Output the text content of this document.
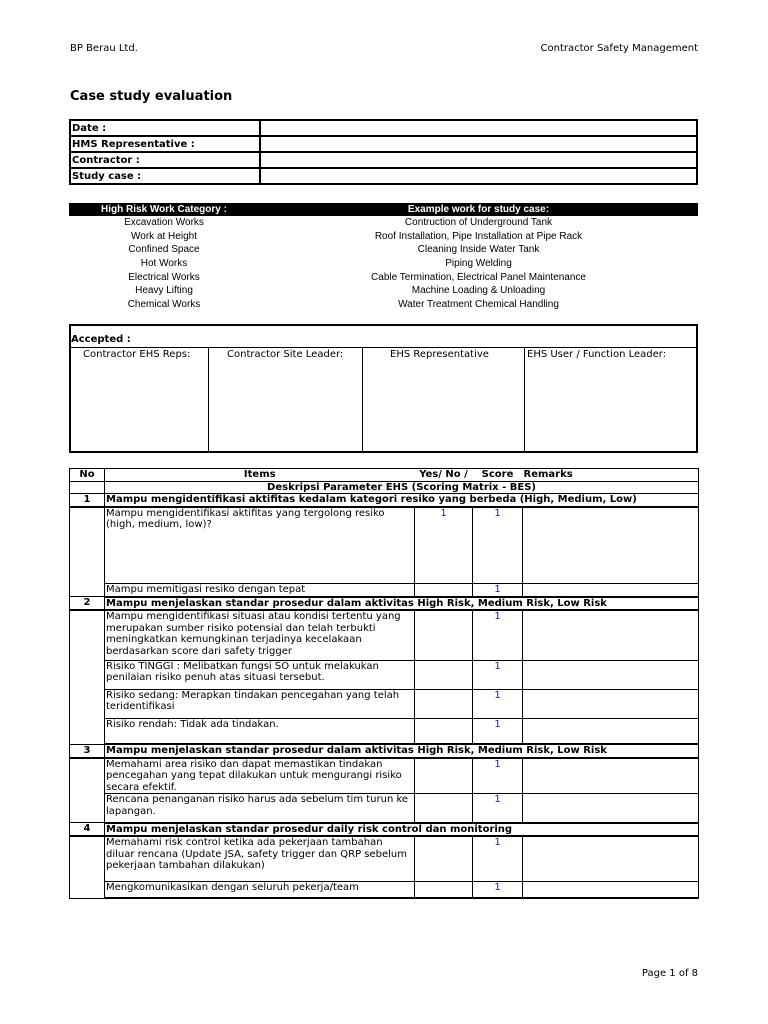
BP Berau Ltd.	Contractor Safety Management
Case study evaluation
Date :	
HMS Representative :	
Contractor :	
Study case :	
High Risk Work Category :	Example work for study case:
Excavation Works	Contruction of Underground Tank
Work at Height	Roof Installation, Pipe Installation at Pipe Rack
Confined Space	Cleaning Inside Water Tank
Hot Works	Piping Welding
Electrical Works	Cable Termination, Electrical Panel Maintenance
Heavy Lifting	Machine Loading & Unloading
Chemical Works	Water Treatment Chemical Handling
Accepted :
Contractor EHS Reps:	Contractor Site Leader:	EHS Representative	EHS User / Function Leader:
No	Items	Yes/ No /	Score	Remarks
	Deskripsi Parameter EHS (Scoring Matrix - BES)			
1	Mampu mengidentifikasi aktifitas kedalam kategori resiko yang berbeda (High, Medium, Low)			
	Mampu mengidentifikasi aktifitas yang tergolong resiko (high, medium, low)?	1	1	
	Mampu memitigasi resiko dengan tepat		1	
2	Mampu menjelaskan standar prosedur dalam aktivitas High Risk, Medium Risk, Low Risk			
	Mampu mengidentifikasi situasi atau kondisi tertentu yang merupakan sumber risiko potensial dan telah terbukti meningkatkan kemungkinan terjadinya kecelakaan berdasarkan score dari safety trigger		1	
	Risiko TINGGI : Melibatkan fungsi SO untuk melakukan penilaian risiko penuh atas situasi tersebut.		1	
	Risiko sedang: Merapkan tindakan pencegahan yang telah teridentifikasi		1	
	Risiko rendah: Tidak ada tindakan.		1	
3	Mampu menjelaskan standar prosedur dalam aktivitas High Risk, Medium Risk, Low Risk			
	Memahami area risiko dan dapat memastikan tindakan pencegahan yang tepat dilakukan untuk mengurangi risiko secara efektif.		1	
	Rencana penanganan risiko harus ada sebelum tim turun ke lapangan.		1	
4	Mampu menjelaskan standar prosedur daily risk control dan monitoring			
	Memahami risk control ketika ada pekerjaan tambahan diluar rencana (Update JSA, safety trigger dan QRP sebelum pekerjaan tambahan dilakukan)		1	
	Mengkomunikasikan dengan seluruh pekerja/team		1	
Page 1 of 8
